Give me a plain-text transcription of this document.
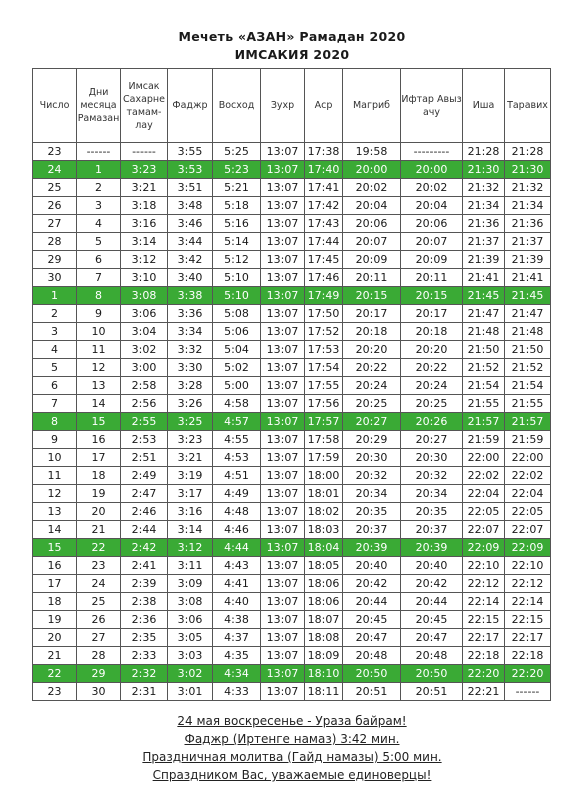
Мечеть «АЗАН» Рамадан 2020
ИМСАКИЯ 2020
Число	Дни месяца Рамазан	Имсак Сахарне тамам-лау	Фаджр	Восход	Зухр	Аср	Магриб	Ифтар Авыз ачу	Иша	Таравих
23	------	------	3:55	5:25	13:07	17:38	19:58	---------	21:28	21:28
24	1	3:23	3:53	5:23	13:07	17:40	20:00	20:00	21:30	21:30
25	2	3:21	3:51	5:21	13:07	17:41	20:02	20:02	21:32	21:32
26	3	3:18	3:48	5:18	13:07	17:42	20:04	20:04	21:34	21:34
27	4	3:16	3:46	5:16	13:07	17:43	20:06	20:06	21:36	21:36
28	5	3:14	3:44	5:14	13:07	17:44	20:07	20:07	21:37	21:37
29	6	3:12	3:42	5:12	13:07	17:45	20:09	20:09	21:39	21:39
30	7	3:10	3:40	5:10	13:07	17:46	20:11	20:11	21:41	21:41
1	8	3:08	3:38	5:10	13:07	17:49	20:15	20:15	21:45	21:45
2	9	3:06	3:36	5:08	13:07	17:50	20:17	20:17	21:47	21:47
3	10	3:04	3:34	5:06	13:07	17:52	20:18	20:18	21:48	21:48
4	11	3:02	3:32	5:04	13:07	17:53	20:20	20:20	21:50	21:50
5	12	3:00	3:30	5:02	13:07	17:54	20:22	20:22	21:52	21:52
6	13	2:58	3:28	5:00	13:07	17:55	20:24	20:24	21:54	21:54
7	14	2:56	3:26	4:58	13:07	17:56	20:25	20:25	21:55	21:55
8	15	2:55	3:25	4:57	13:07	17:57	20:27	20:26	21:57	21:57
9	16	2:53	3:23	4:55	13:07	17:58	20:29	20:27	21:59	21:59
10	17	2:51	3:21	4:53	13:07	17:59	20:30	20:30	22:00	22:00
11	18	2:49	3:19	4:51	13:07	18:00	20:32	20:32	22:02	22:02
12	19	2:47	3:17	4:49	13:07	18:01	20:34	20:34	22:04	22:04
13	20	2:46	3:16	4:48	13:07	18:02	20:35	20:35	22:05	22:05
14	21	2:44	3:14	4:46	13:07	18:03	20:37	20:37	22:07	22:07
15	22	2:42	3:12	4:44	13:07	18:04	20:39	20:39	22:09	22:09
16	23	2:41	3:11	4:43	13:07	18:05	20:40	20:40	22:10	22:10
17	24	2:39	3:09	4:41	13:07	18:06	20:42	20:42	22:12	22:12
18	25	2:38	3:08	4:40	13:07	18:06	20:44	20:44	22:14	22:14
19	26	2:36	3:06	4:38	13:07	18:07	20:45	20:45	22:15	22:15
20	27	2:35	3:05	4:37	13:07	18:08	20:47	20:47	22:17	22:17
21	28	2:33	3:03	4:35	13:07	18:09	20:48	20:48	22:18	22:18
22	29	2:32	3:02	4:34	13:07	18:10	20:50	20:50	22:20	22:20
23	30	2:31	3:01	4:33	13:07	18:11	20:51	20:51	22:21	------
24 мая воскресенье - Ураза байрам!
Фаджр (Иртенге намаз) 3:42 мин.
Праздничная молитва (Гайд намазы) 5:00 мин.
Спраздником Вас, уважаемые единоверцы!
